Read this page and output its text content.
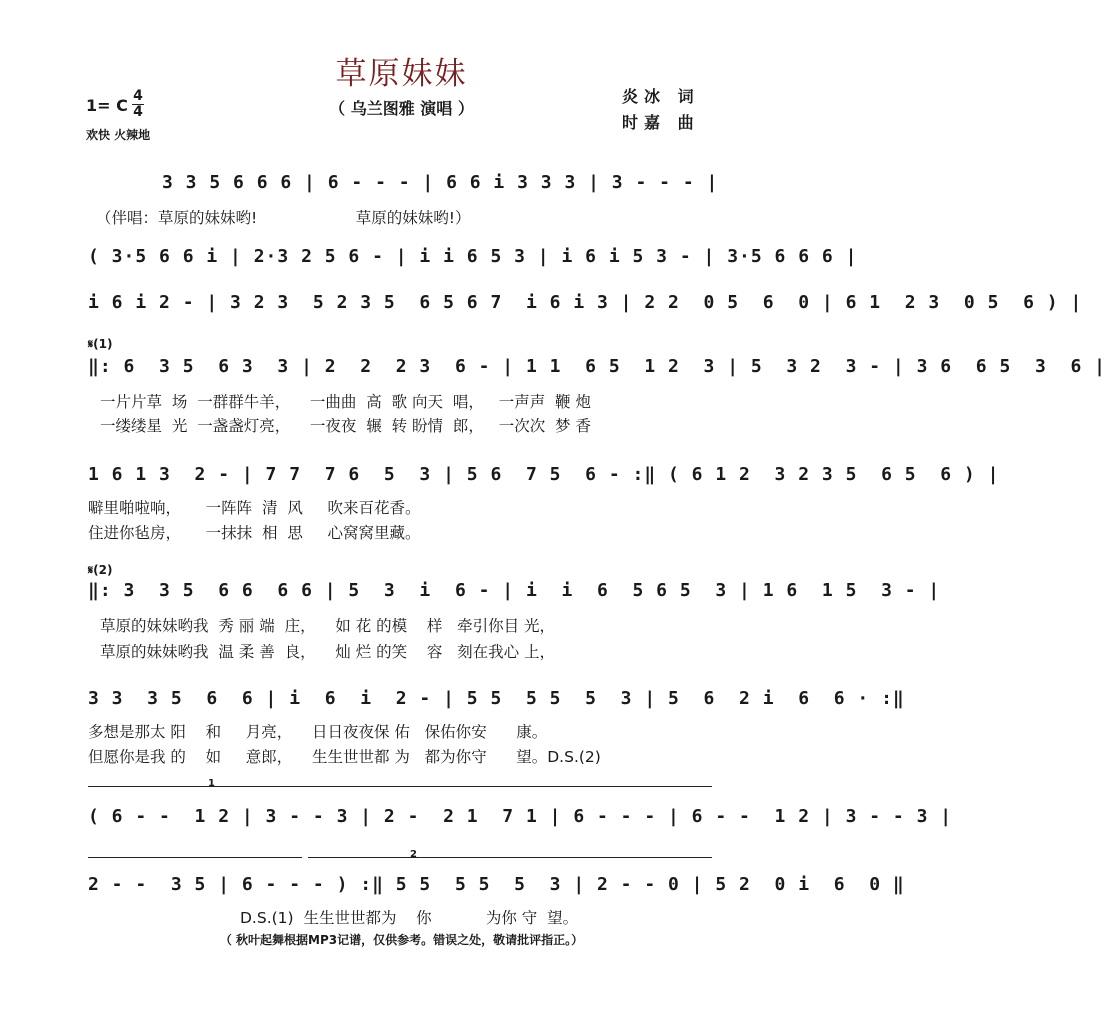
草原妹妹
（ 乌兰图雅 演唱 ）
1= C 4
4
欢快 火辣地
炎冰 词
时嘉 曲
3 3 5 6 6 6 | 6 - - - | 6 6 i 3 3 3 | 3 - - - |
（伴唱：草原的妹妹哟!                    草原的妹妹哟!）
( 3·5 6 6 i | 2·3 2 5 6 - | i i 6 5 3 | i 6 i 5 3 - | 3·5 6 6 6 |
i 6 i 2 - | 3 2 3  5 2 3 5  6 5 6 7  i 6 i 3 | 2 2  0 5  6  0 | 6 1  2 3  0 5  6 ) |
𝄋(1)
‖: 6  3 5  6 3  3 | 2  2  2 3  6 - | 1 1  6 5  1 2  3 | 5  3 2  3 - | 3 6  6 5  3  6 |
一片片草  场  一群群牛羊，    一曲曲  高  歌 向天  唱，   一声声  鞭 炮
一缕缕星  光  一盏盏灯亮，    一夜夜  辗  转 盼情  郎，   一次次  梦 香
1 6 1 3  2 - | 7 7  7 6  5  3 | 5 6  7 5  6 - :‖ ( 6 1 2  3 2 3 5  6 5  6 ) |
噼里啪啦响，     一阵阵  清  风     吹来百花香。
住进你毡房，     一抹抹  相  思     心窝窝里藏。
𝄋(2)
‖: 3  3 5  6 6  6 6 | 5  3  i  6 - | i  i  6  5 6 5  3 | 1 6  1 5  3 - |
草原的妹妹哟我  秀 丽 端  庄，    如 花 的模    样   牵引你目 光，
草原的妹妹哟我  温 柔 善  良，    灿 烂 的笑    容   刻在我心 上，
3 3  3 5  6  6 | i  6  i  2 - | 5 5  5 5  5  3 | 5  6  2 i  6  6 · :‖
多想是那太 阳    和     月亮，    日日夜夜保 佑   保佑你安      康。
但愿你是我 的    如     意郎，    生生世世都 为   都为你守      望。D.S.(2)
1
( 6 - -  1 2 | 3 - - 3 | 2 -  2 1  7 1 | 6 - - - | 6 - -  1 2 | 3 - - 3 |
2
2 - -  3 5 | 6 - - - ) :‖ 5 5  5 5  5  3 | 2 - - 0 | 5 2  0 i  6  0 ‖
D.S.(1)  生生世世都为    你           为你 守  望。
（ 秋叶起舞根据MP3记谱，仅供参考。错误之处，敬请批评指正。）
